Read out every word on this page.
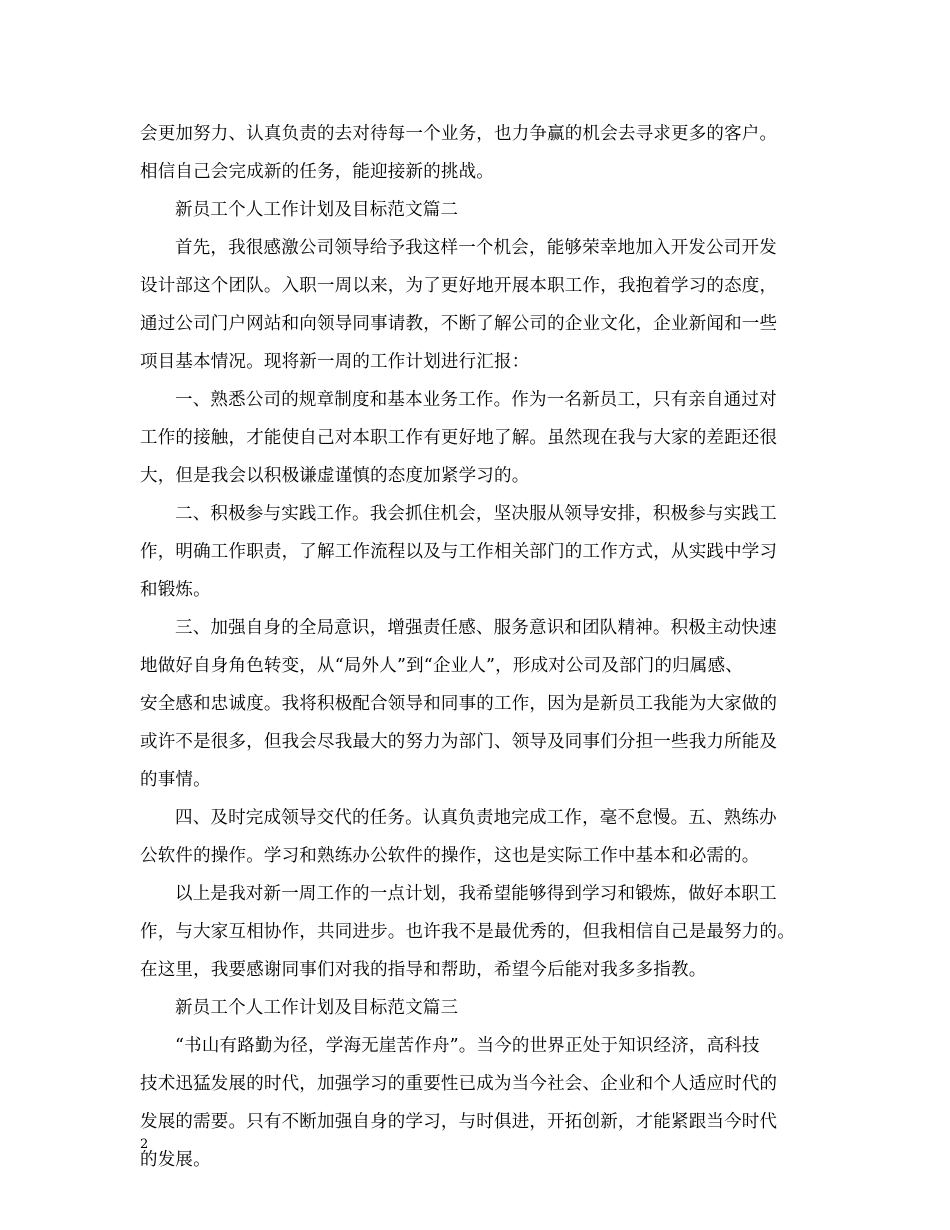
会更加努力、认真负责的去对待每一个业务，也力争赢的机会去寻求更多的客户。
相信自己会完成新的任务，能迎接新的挑战。
新员工个人工作计划及目标范文篇二
首先，我很感激公司领导给予我这样一个机会，能够荣幸地加入开发公司开发
设计部这个团队。入职一周以来，为了更好地开展本职工作，我抱着学习的态度，
通过公司门户网站和向领导同事请教，不断了解公司的企业文化，企业新闻和一些
项目基本情况。现将新一周的工作计划进行汇报：
一、熟悉公司的规章制度和基本业务工作。作为一名新员工，只有亲自通过对
工作的接触，才能使自己对本职工作有更好地了解。虽然现在我与大家的差距还很
大，但是我会以积极谦虚谨慎的态度加紧学习的。
二、积极参与实践工作。我会抓住机会，坚决服从领导安排，积极参与实践工
作，明确工作职责，了解工作流程以及与工作相关部门的工作方式，从实践中学习
和锻炼。
三、加强自身的全局意识，增强责任感、服务意识和团队精神。积极主动快速
地做好自身角色转变，从“局外人”到“企业人”，形成对公司及部门的归属感、
安全感和忠诚度。我将积极配合领导和同事的工作，因为是新员工我能为大家做的
或许不是很多，但我会尽我最大的努力为部门、领导及同事们分担一些我力所能及
的事情。
四、及时完成领导交代的任务。认真负责地完成工作，毫不怠慢。五、熟练办
公软件的操作。学习和熟练办公软件的操作，这也是实际工作中基本和必需的。
以上是我对新一周工作的一点计划，我希望能够得到学习和锻炼，做好本职工
作，与大家互相协作，共同进步。也许我不是最优秀的，但我相信自己是最努力的。
在这里，我要感谢同事们对我的指导和帮助，希望今后能对我多多指教。
新员工个人工作计划及目标范文篇三
“书山有路勤为径，学海无崖苦作舟”。当今的世界正处于知识经济，高科技
技术迅猛发展的时代，加强学习的重要性已成为当今社会、企业和个人适应时代的
发展的需要。只有不断加强自身的学习，与时俱进，开拓创新，才能紧跟当今时代
的发展。
2
